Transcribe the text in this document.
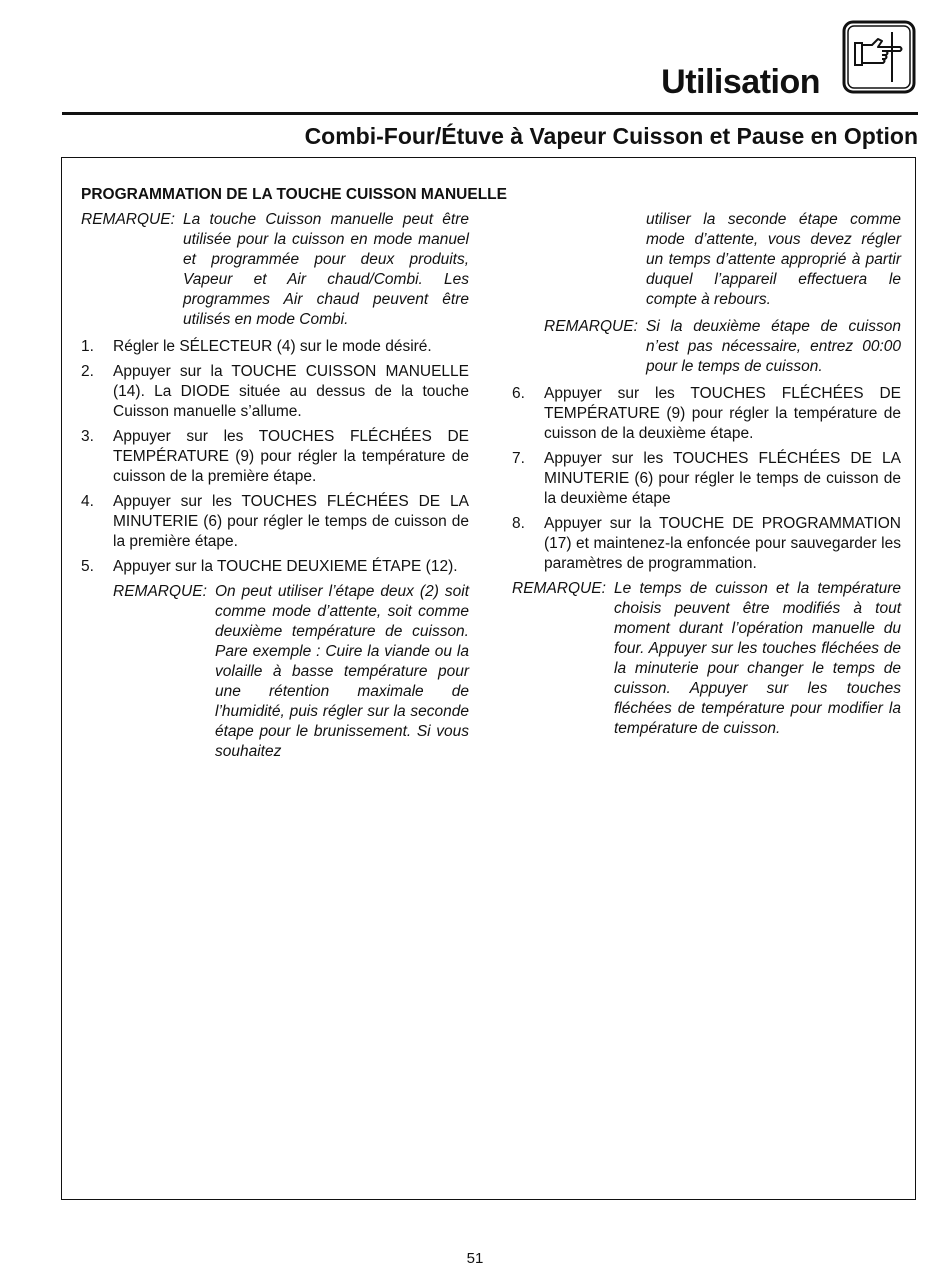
Utilisation
Combi-Four/Étuve à Vapeur Cuisson et Pause en Option
PROGRAMMATION DE LA TOUCHE CUISSON MANUELLE
REMARQUE: La touche Cuisson manuelle peut être utilisée pour la cuisson en mode manuel et programmée pour deux produits, Vapeur et Air chaud/Combi. Les programmes Air chaud peuvent être utilisés en mode Combi.
1.	Régler le SÉLECTEUR (4) sur le mode désiré.
2.	Appuyer sur la TOUCHE CUISSON MANUELLE (14). La DIODE située au dessus de la touche Cuisson manuelle s’allume.
3.	Appuyer sur les TOUCHES FLÉCHÉES DE TEMPÉRATURE (9) pour régler la température de cuisson de la première étape.
4.	Appuyer sur les TOUCHES FLÉCHÉES DE LA MINUTERIE (6) pour régler le temps de cuisson de la première étape.
5.	Appuyer sur la TOUCHE DEUXIEME ÉTAPE (12).
REMARQUE: On peut utiliser l’étape deux (2) soit comme mode d’attente, soit comme deuxième température de cuisson. Pare exemple : Cuire la viande ou la volaille à basse température pour une rétention maximale de l’humidité, puis régler sur la seconde étape pour le brunissement. Si vous souhaitez
utiliser la seconde étape comme mode d’attente, vous devez régler un temps d’attente approprié à partir duquel l’appareil effectuera le compte à rebours.
REMARQUE: Si la deuxième étape de cuisson n’est pas nécessaire, entrez 00:00 pour le temps de cuisson.
6.	Appuyer sur les TOUCHES FLÉCHÉES DE TEMPÉRATURE (9) pour régler la température de cuisson de la deuxième étape.
7.	Appuyer sur les TOUCHES FLÉCHÉES DE LA MINUTERIE (6) pour régler le temps de cuisson de la deuxième étape
8.	Appuyer sur la TOUCHE DE PROGRAMMATION (17) et maintenez-la enfoncée pour sauvegarder les paramètres de programmation.
REMARQUE: Le temps de cuisson et la température choisis peuvent être modifiés à tout moment durant l’opération manuelle du four. Appuyer sur les touches fléchées de la minuterie pour changer le temps de cuisson. Appuyer sur les touches fléchées de température pour modifier la température de cuisson.
51
